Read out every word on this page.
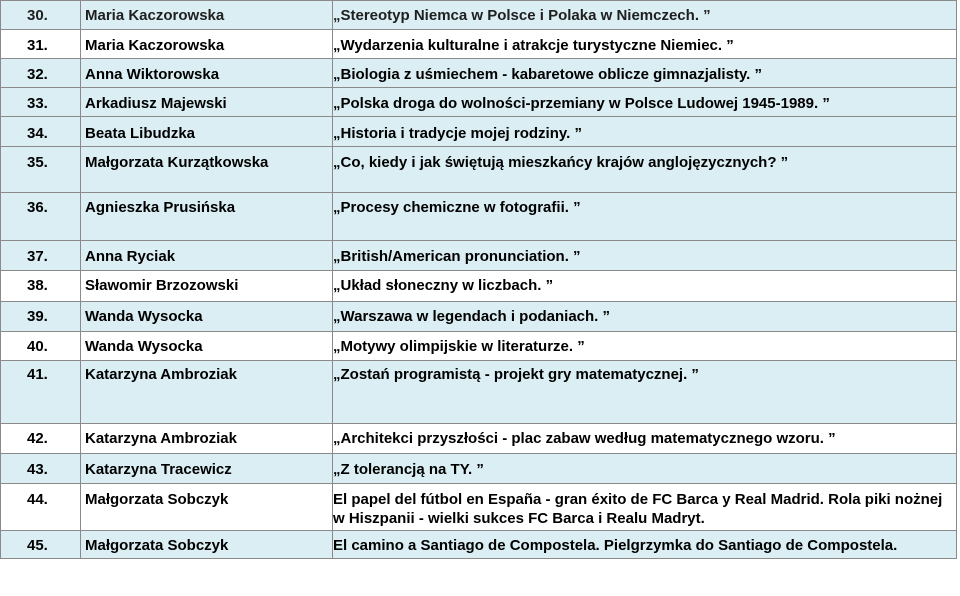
30.	Maria Kaczorowska	„Stereotyp Niemca w Polsce i Polaka w Niemczech. ”
31.	Maria Kaczorowska	„Wydarzenia kulturalne i atrakcje turystyczne Niemiec. ”
32.	Anna Wiktorowska	„Biologia z uśmiechem - kabaretowe oblicze gimnazjalisty. ”
33.	Arkadiusz Majewski	„Polska droga do wolności-przemiany w Polsce Ludowej 1945-1989. ”
34.	Beata Libudzka	„Historia i tradycje mojej rodziny. ”
35.	Małgorzata Kurzątkowska	„Co, kiedy i jak świętują mieszkańcy krajów anglojęzycznych? ”
36.	Agnieszka Prusińska	„Procesy chemiczne w fotografii. ”
37.	Anna Ryciak	„British/American pronunciation. ”
38.	Sławomir Brzozowski	„Układ słoneczny w liczbach. ”
39.	Wanda Wysocka	„Warszawa w legendach i podaniach. ”
40.	Wanda Wysocka	„Motywy olimpijskie w literaturze. ”
41.	Katarzyna Ambroziak	„Zostań programistą - projekt gry matematycznej. ”
42.	Katarzyna Ambroziak	„Architekci przyszłości - plac zabaw według matematycznego wzoru. ”
43.	Katarzyna Tracewicz	„Z tolerancją na TY. ”
44.	Małgorzata Sobczyk	El papel del fútbol en España - gran éxito de FC Barca y Real Madrid. Rola piki nożnej w Hiszpanii - wielki sukces FC Barca i Realu Madryt.
45.	Małgorzata Sobczyk	El camino a Santiago de Compostela. Pielgrzymka do Santiago de Compostela.
